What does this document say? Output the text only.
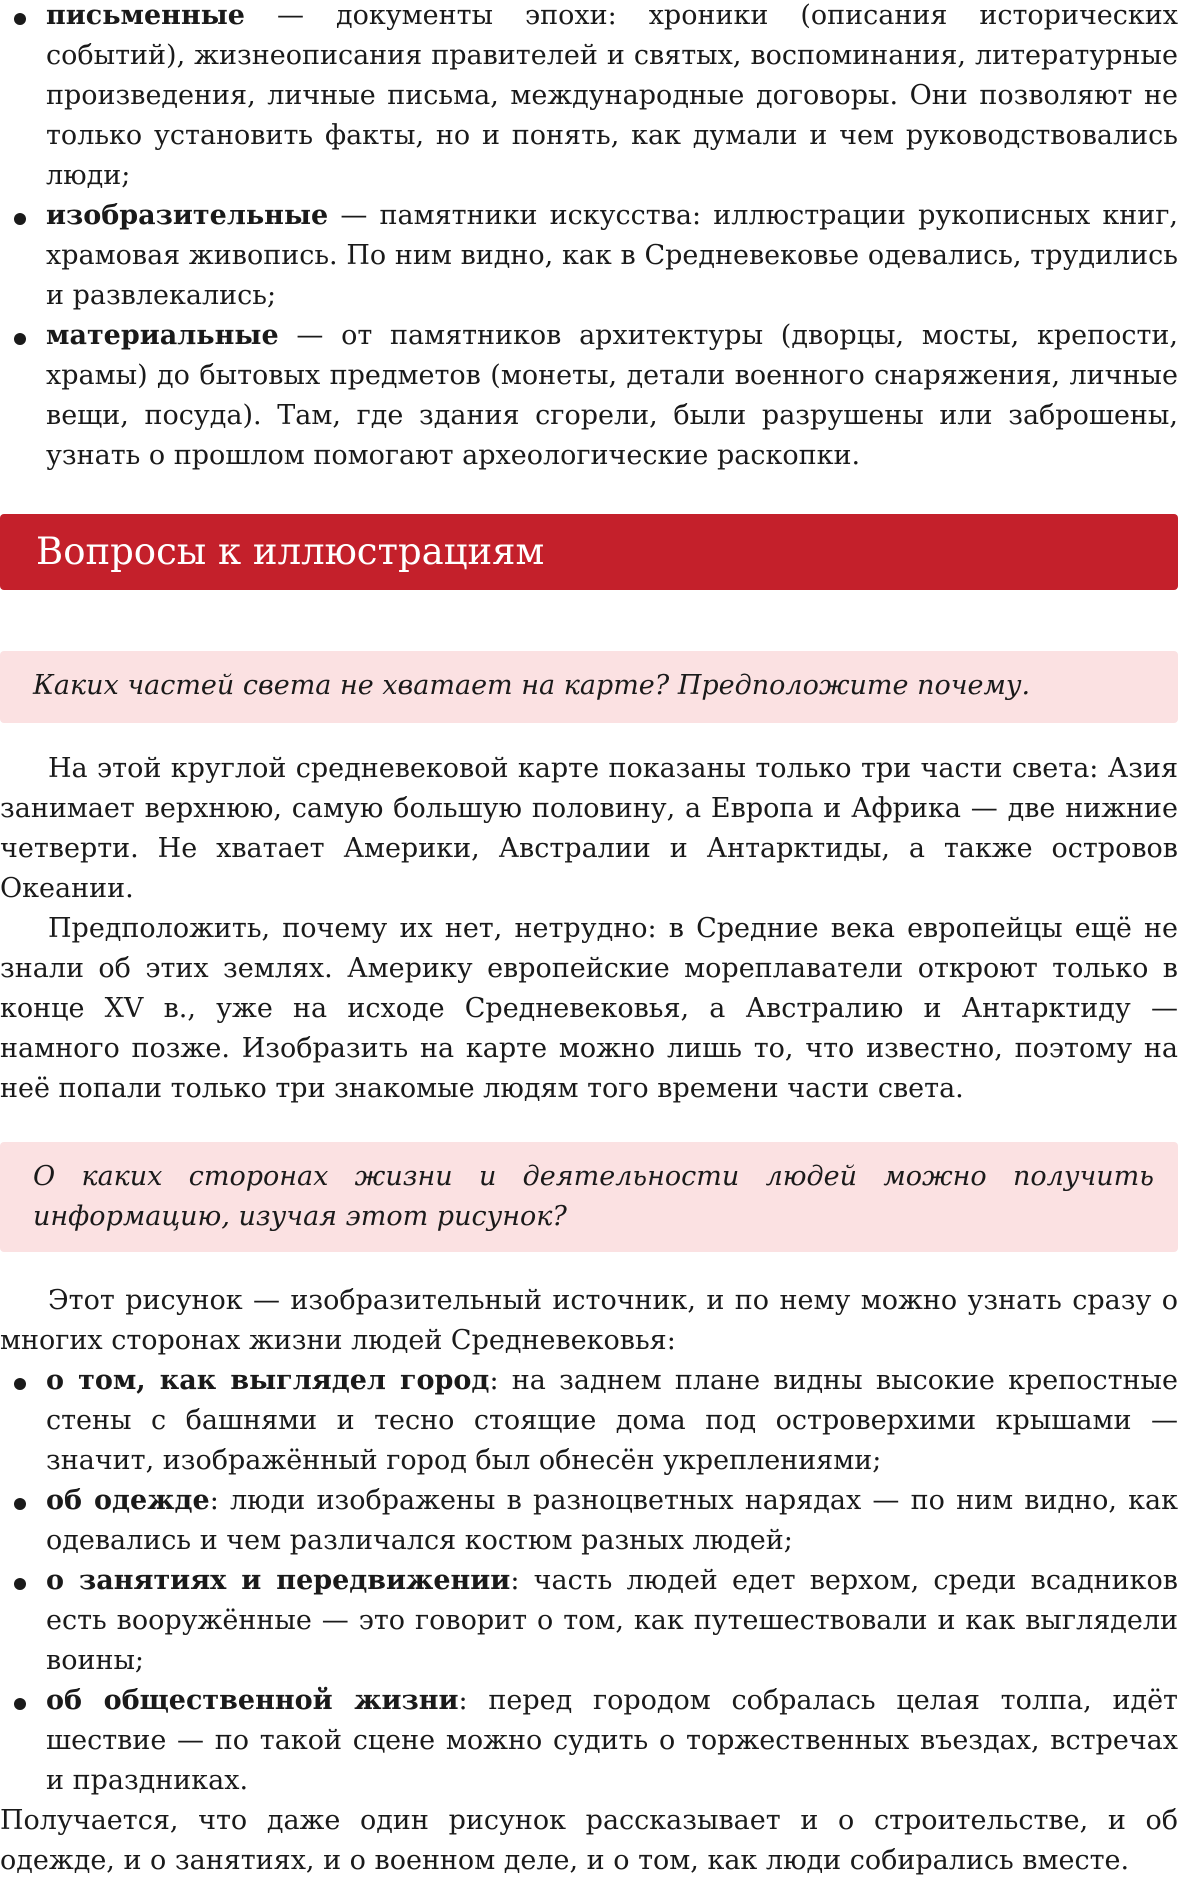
письменные — документы эпохи: хроники (описания исторических событий), жизнеописания правителей и святых, воспоминания, литературные произведения, личные письма, международные договоры. Они позволяют не только установить факты, но и понять, как думали и чем руководствовались люди;
изобразительные — памятники искусства: иллюстрации рукописных книг, храмовая живопись. По ним видно, как в Средневековье одевались, трудились и развлекались;
материальные — от памятников архитектуры (дворцы, мосты, крепости, храмы) до бытовых предметов (монеты, детали военного снаряжения, личные вещи, посуда). Там, где здания сгорели, были разрушены или заброшены, узнать о прошлом помогают археологические раскопки.
Вопросы к иллюстрациям

Каких частей света не хватает на карте? Предположите почему.

На этой круглой средневековой карте показаны только три части света: Азия занимает верхнюю, самую большую половину, а Европа и Африка — две нижние четверти. Не хватает Америки, Австралии и Антарктиды, а также островов Океании.

Предположить, почему их нет, нетрудно: в Средние века европейцы ещё не знали об этих землях. Америку европейские мореплаватели откроют только в конце XV в., уже на исходе Средневековья, а Австралию и Антарктиду — намного позже. Изобразить на карте можно лишь то, что известно, поэтому на неё попали только три знакомые людям того времени части света.

О каких сторонах жизни и деятельности людей можно получить информацию, изучая этот рисунок?

Этот рисунок — изобразительный источник, и по нему можно узнать сразу о многих сторонах жизни людей Средневековья:

о том, как выглядел город: на заднем плане видны высокие крепостные стены с башнями и тесно стоящие дома под островерхими крышами — значит, изображённый город был обнесён укреплениями;
об одежде: люди изображены в разноцветных нарядах — по ним видно, как одевались и чем различался костюм разных людей;
о занятиях и передвижении: часть людей едет верхом, среди всадников есть вооружённые — это говорит о том, как путешествовали и как выглядели воины;
об общественной жизни: перед городом собралась целая толпа, идёт шествие — по такой сцене можно судить о торжественных въездах, встречах и праздниках.

Получается, что даже один рисунок рассказывает и о строительстве, и об одежде, и о занятиях, и о военном деле, и о том, как люди собирались вместе.
